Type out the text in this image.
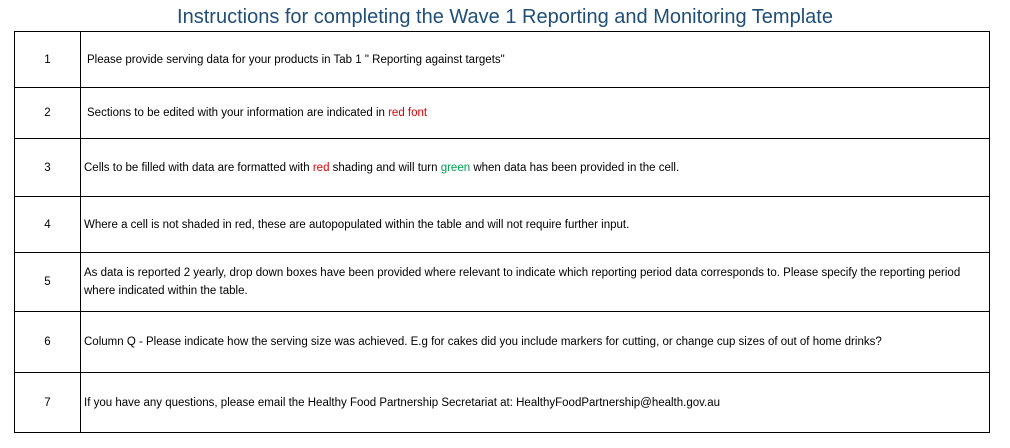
Instructions for completing the Wave 1 Reporting and Monitoring Template
1	Please provide serving data for your products in Tab 1 " Reporting against targets"
2	Sections to be edited with your information are indicated in red font
3	Cells to be filled with data are formatted with red shading and will turn green when data has been provided in the cell.
4	Where a cell is not shaded in red, these are autopopulated within the table and will not require further input.
5	As data is reported 2 yearly, drop down boxes have been provided where relevant to indicate which reporting period data corresponds to. Please specify the reporting period where indicated within the table.
6	Column Q - Please indicate how the serving size was achieved. E.g for cakes did you include markers for cutting, or change cup sizes of out of home drinks?
7	If you have any questions, please email the Healthy Food Partnership Secretariat at: HealthyFoodPartnership@health.gov.au
